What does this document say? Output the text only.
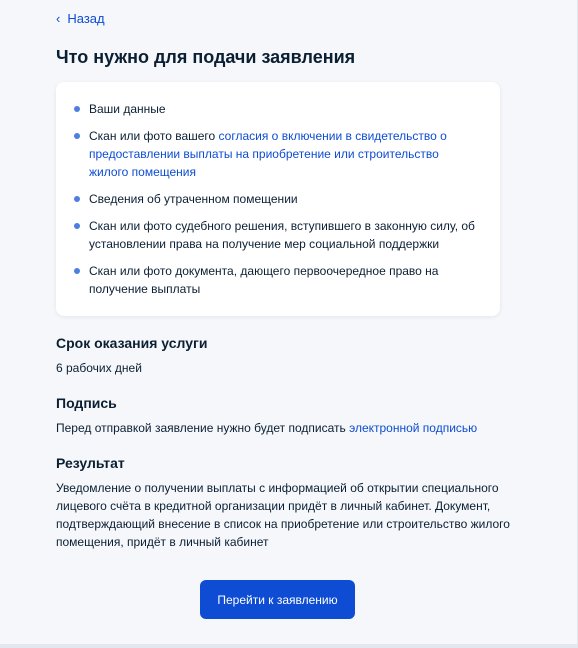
‹ Назад
Что нужно для подачи заявления
Ваши данные
Скан или фото вашего согласия о включении в свидетельство о предоставлении выплаты на приобретение или строительство жилого помещения
Сведения об утраченном помещении
Скан или фото судебного решения, вступившего в законную силу, об установлении права на получение мер социальной поддержки
Скан или фото документа, дающего первоочередное право на получение выплаты
Срок оказания услуги

6 рабочих дней

Подпись

Перед отправкой заявление нужно будет подписать электронной подписью

Результат

Уведомление о получении выплаты с информацией об открытии специального лицевого счёта в кредитной организации придёт в личный кабинет. Документ, подтверждающий внесение в список на приобретение или строительство жилого помещения, придёт в личный кабинет

Перейти к заявлению
